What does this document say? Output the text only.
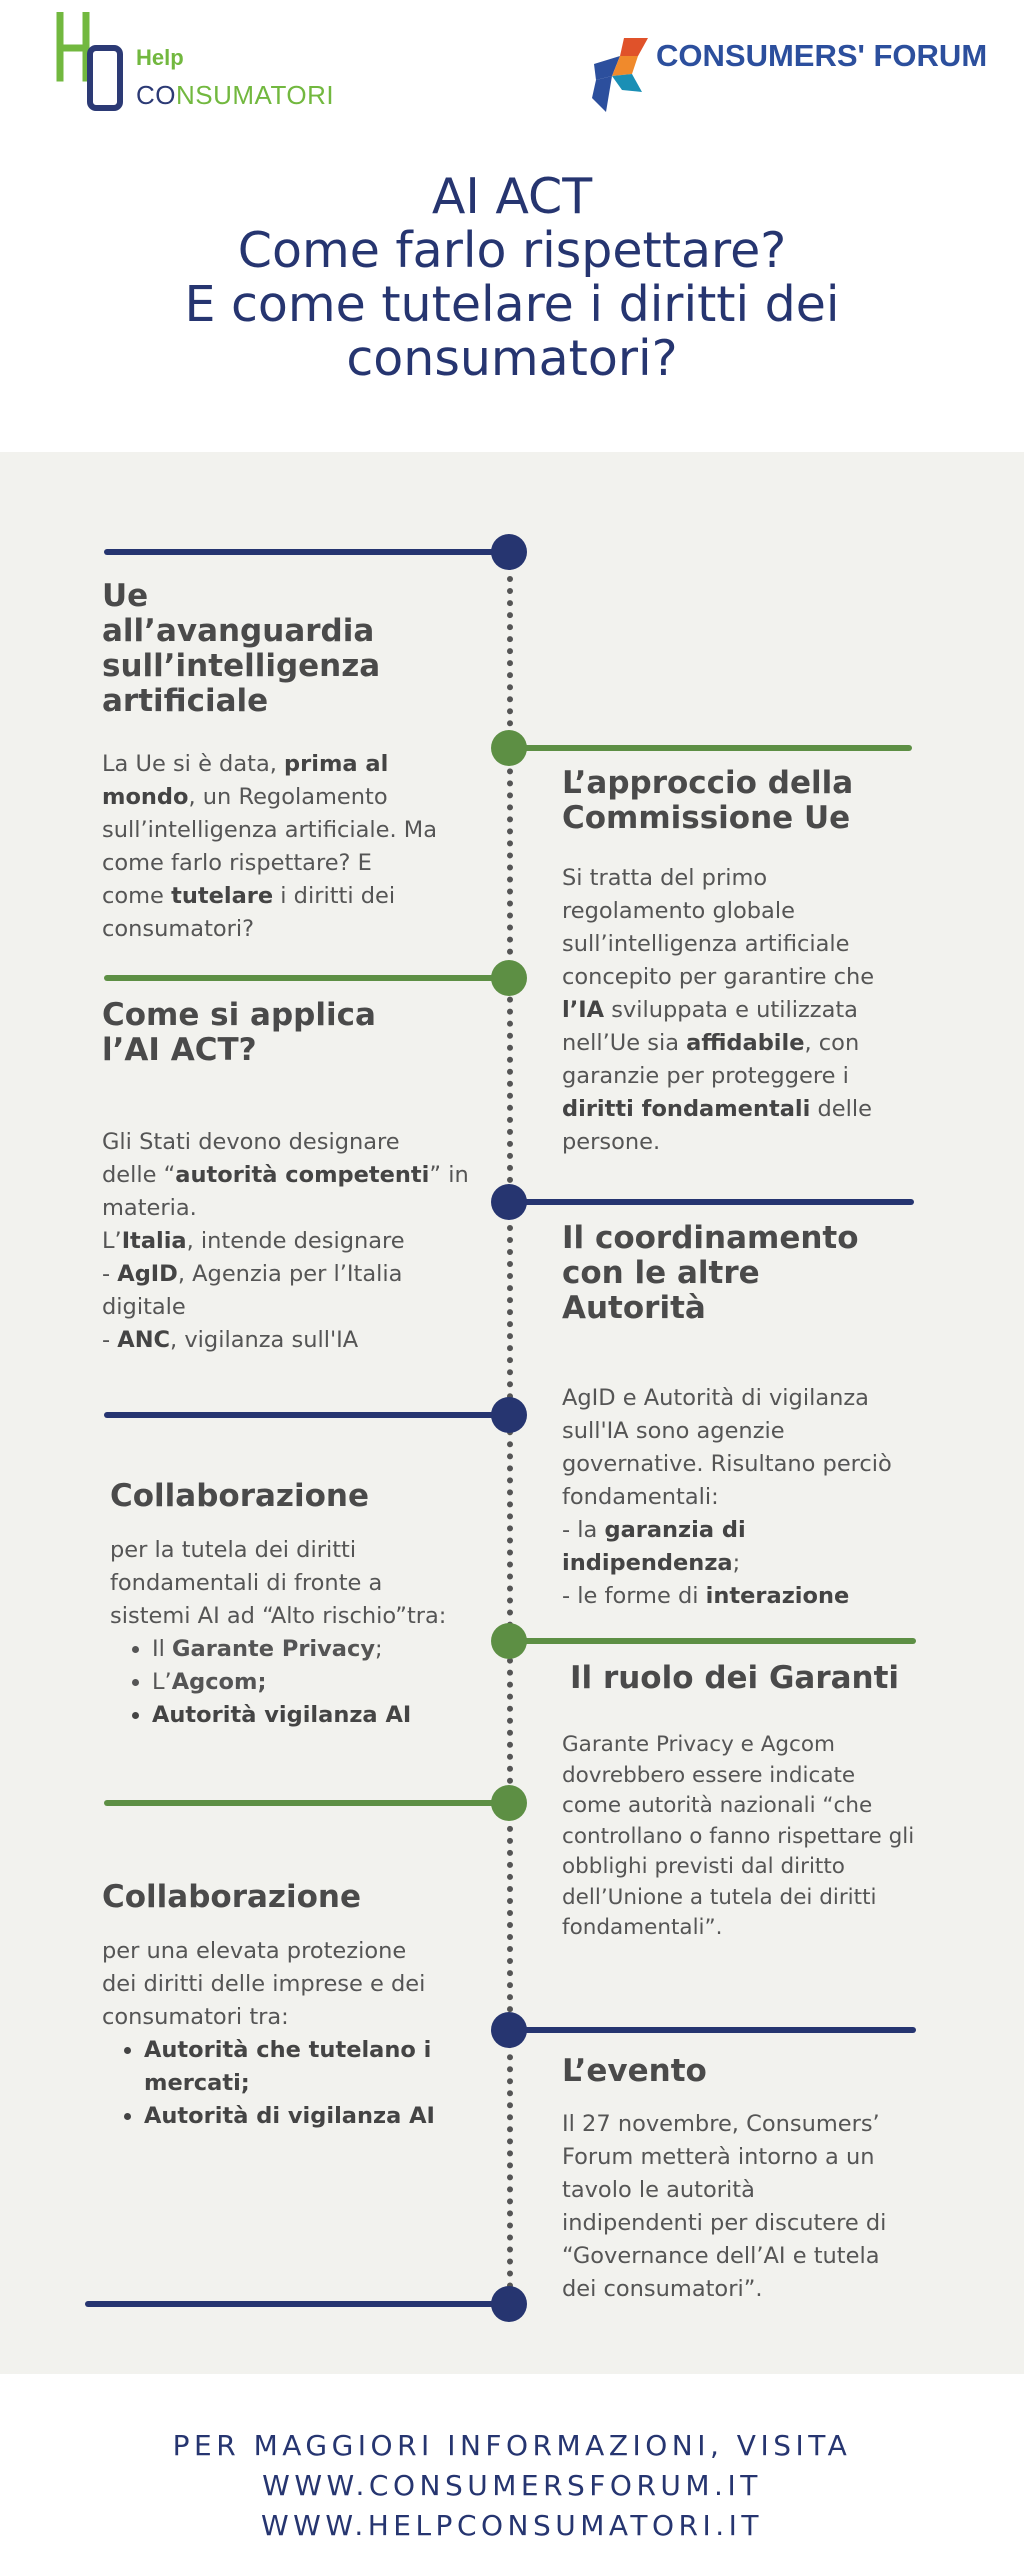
Help
CONSUMATORI
CONSUMERS' FORUM
AI ACT
Come farlo rispettare?
E come tutelare i diritti dei
consumatori?
Ue
all’avanguardia
sull’intelligenza
artificiale

La Ue si è data, prima al
mondo, un Regolamento
sull’intelligenza artificiale. Ma
come farlo rispettare? E
come tutelare i diritti dei
consumatori?

L’approccio della
Commissione Ue

Si tratta del primo
regolamento globale
sull’intelligenza artificiale
concepito per garantire che
l’IA sviluppata e utilizzata
nell’Ue sia affidabile, con
garanzie per proteggere i
diritti fondamentali delle
persone.

Come si applica
l’AI ACT?

Gli Stati devono designare
delle “autorità competenti” in
materia.
L’Italia, intende designare
- AgID, Agenzia per l’Italia
digitale
- ANC, vigilanza sull'IA

Il coordinamento
con le altre
Autorità

AgID e Autorità di vigilanza
sull'IA sono agenzie
governative. Risultano perciò
fondamentali:
- la garanzia di
indipendenza;
- le forme di interazione

Collaborazione

per la tutela dei diritti
fondamentali di fronte a
sistemi AI ad “Alto rischio”tra:

• Il Garante Privacy;
• L’Agcom;
• Autorità vigilanza AI
Il ruolo dei Garanti

Garante Privacy e Agcom
dovrebbero essere indicate
come autorità nazionali “che
controllano o fanno rispettare gli
obblighi previsti dal diritto
dell’Unione a tutela dei diritti
fondamentali”.

Collaborazione

per una elevata protezione
dei diritti delle imprese e dei
consumatori tra:

• Autorità che tutelano i mercati;
• Autorità di vigilanza AI
L’evento

Il 27 novembre, Consumers’
Forum metterà intorno a un
tavolo le autorità
indipendenti per discutere di
“Governance dell’AI e tutela
dei consumatori”.

PER MAGGIORI INFORMAZIONI, VISITA
WWW.CONSUMERSFORUM.IT
WWW.HELPCONSUMATORI.IT
